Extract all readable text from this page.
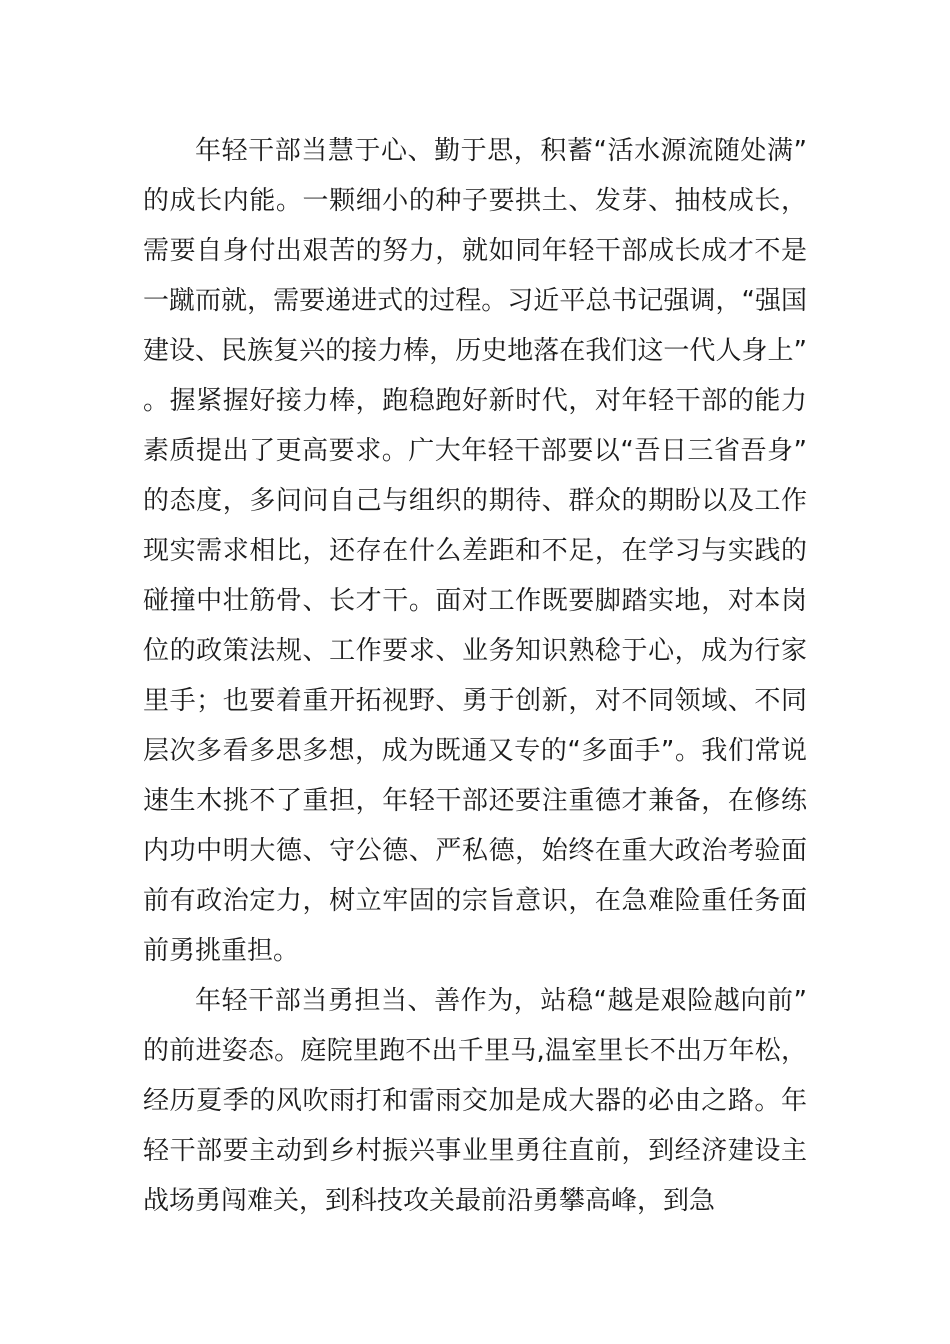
年轻干部当慧于心、勤于思，积蓄“活水源流随处满”的成长内能。一颗细小的种子要拱土、发芽、抽枝成长，需要自身付出艰苦的努力，就如同年轻干部成长成才不是一蹴而就，需要递进式的过程。习近平总书记强调，“强国建设、民族复兴的接力棒，历史地落在我们这一代人身上”。握紧握好接力棒，跑稳跑好新时代，对年轻干部的能力素质提出了更高要求。广大年轻干部要以“吾日三省吾身”的态度，多问问自己与组织的期待、群众的期盼以及工作现实需求相比，还存在什么差距和不足，在学习与实践的碰撞中壮筋骨、长才干。面对工作既要脚踏实地，对本岗位的政策法规、工作要求、业务知识熟稔于心，成为行家里手；也要着重开拓视野、勇于创新，对不同领域、不同层次多看多思多想，成为既通又专的“多面手”。我们常说速生木挑不了重担，年轻干部还要注重德才兼备，在修练内功中明大德、守公德、严私德，始终在重大政治考验面前有政治定力，树立牢固的宗旨意识，在急难险重任务面前勇挑重担。

年轻干部当勇担当、善作为，站稳“越是艰险越向前”的前进姿态。庭院里跑不出千里马,温室里长不出万年松，经历夏季的风吹雨打和雷雨交加是成大器的必由之路。年轻干部要主动到乡村振兴事业里勇往直前，到经济建设主战场勇闯难关，到科技攻关最前沿勇攀高峰，到急
